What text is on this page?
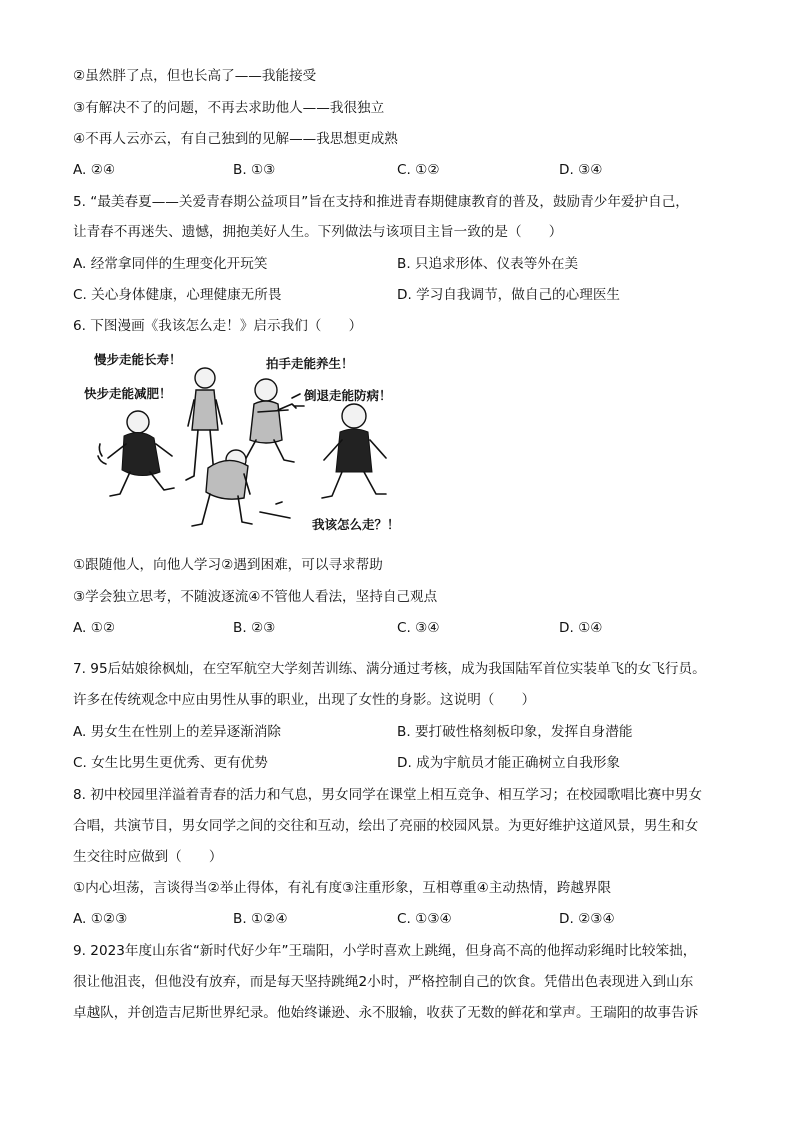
②虽然胖了点，但也长高了——我能接受
③有解决不了的问题，不再去求助他人——我很独立
④不再人云亦云，有自己独到的见解——我思想更成熟
A. ②④	B. ①③	C. ①②	D. ③④
5. “最美春夏——关爱青春期公益项目”旨在支持和推进青春期健康教育的普及，鼓励青少年爱护自己，
让青春不再迷失、遗憾，拥抱美好人生。下列做法与该项目主旨一致的是（　　）
A. 经常拿同伴的生理变化开玩笑	B. 只追求形体、仪表等外在美
C. 关心身体健康，心理健康无所畏	D. 学习自我调节，做自己的心理医生
6. 下图漫画《我该怎么走！》启示我们（　　）
慢步走能长寿！	拍手走能养生！
快步走能减肥！	倒退走能防病！
我该怎么走？！
①跟随他人，向他人学习②遇到困难，可以寻求帮助
③学会独立思考，不随波逐流④不管他人看法，坚持自己观点
A. ①②	B. ②③	C. ③④	D. ①④
7. 95后姑娘徐枫灿，在空军航空大学刻苦训练、满分通过考核，成为我国陆军首位实装单飞的女飞行员。
许多在传统观念中应由男性从事的职业，出现了女性的身影。这说明（　　）
A. 男女生在性别上的差异逐渐消除	B. 要打破性格刻板印象，发挥自身潜能
C. 女生比男生更优秀、更有优势	D. 成为宇航员才能正确树立自我形象
8. 初中校园里洋溢着青春的活力和气息，男女同学在课堂上相互竞争、相互学习；在校园歌唱比赛中男女
合唱，共演节目，男女同学之间的交往和互动，绘出了亮丽的校园风景。为更好维护这道风景，男生和女
生交往时应做到（　　）
①内心坦荡，言谈得当②举止得体，有礼有度③注重形象，互相尊重④主动热情，跨越界限
A. ①②③	B. ①②④	C. ①③④	D. ②③④
9. 2023年度山东省“新时代好少年”王瑞阳，小学时喜欢上跳绳，但身高不高的他挥动彩绳时比较笨拙，
很让他沮丧，但他没有放弃，而是每天坚持跳绳2小时，严格控制自己的饮食。凭借出色表现进入到山东
卓越队，并创造吉尼斯世界纪录。他始终谦逊、永不服输，收获了无数的鲜花和掌声。王瑞阳的故事告诉
